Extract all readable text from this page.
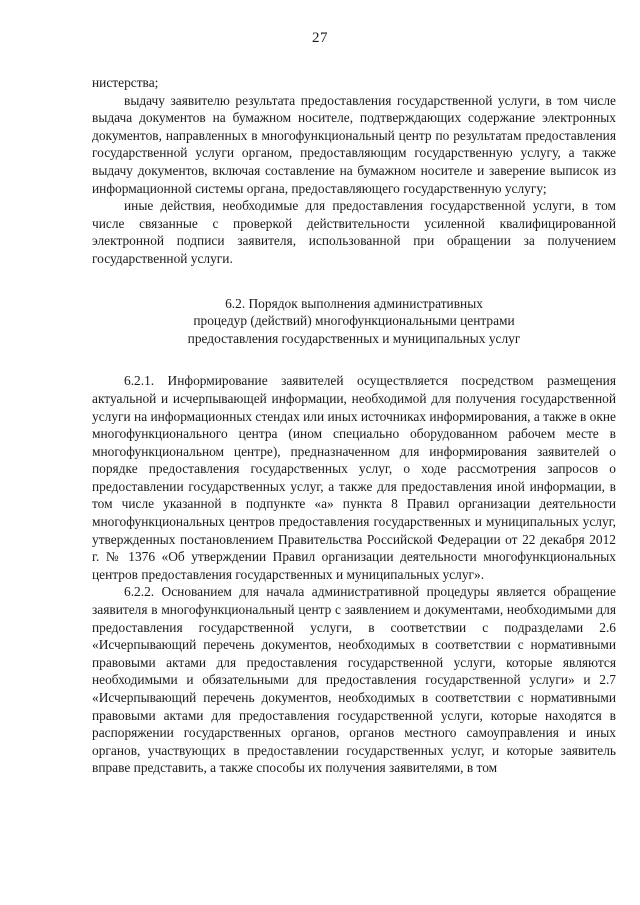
27

нистерства;

выдачу заявителю результата предоставления государственной услуги, в том числе выдача документов на бумажном носителе, подтверждающих содержание электронных документов, направленных в многофункциональный центр по результатам предоставления государственной услуги органом, предоставляющим государственную услугу, а также выдачу документов, включая составление на бумажном носителе и заверение выписок из информационной системы органа, предоставляющего государственную услугу;

иные действия, необходимые для предоставления государственной услуги, в том числе связанные с проверкой действительности усиленной квалифицированной электронной подписи заявителя, использованной при обращении за получением государственной услуги.

6.2. Порядок выполнения административных
процедур (действий) многофункциональными центрами
предоставления государственных и муниципальных услуг

6.2.1. Информирование заявителей осуществляется посредством размещения актуальной и исчерпывающей информации, необходимой для получения государственной услуги на информационных стендах или иных источниках информирования, а также в окне многофункционального центра (ином специально оборудованном рабочем месте в многофункциональном центре), предназначенном для информирования заявителей о порядке предоставления государственных услуг, о ходе рассмотрения запросов о предоставлении государственных услуг, а также для предоставления иной информации, в том числе указанной в подпункте «а» пункта 8 Правил организации деятельности многофункциональных центров предоставления государственных и муниципальных услуг, утвержденных постановлением Правительства Российской Федерации от 22 декабря 2012 г. № 1376 «Об утверждении Правил организации деятельности многофункциональных центров предоставления государственных и муниципальных услуг».

6.2.2. Основанием для начала административной процедуры является обращение заявителя в многофункциональный центр с заявлением и документами, необходимыми для предоставления государственной услуги, в соответствии с подразделами 2.6 «Исчерпывающий перечень документов, необходимых в соответствии с нормативными правовыми актами для предоставления государственной услуги, которые являются необходимыми и обязательными для предоставления государственной услуги» и 2.7 «Исчерпывающий перечень документов, необходимых в соответствии с нормативными правовыми актами для предоставления государственной услуги, которые находятся в распоряжении государственных органов, органов местного самоуправления и иных органов, участвующих в предоставлении государственных услуг, и которые заявитель вправе представить, а также способы их получения заявителями, в том
